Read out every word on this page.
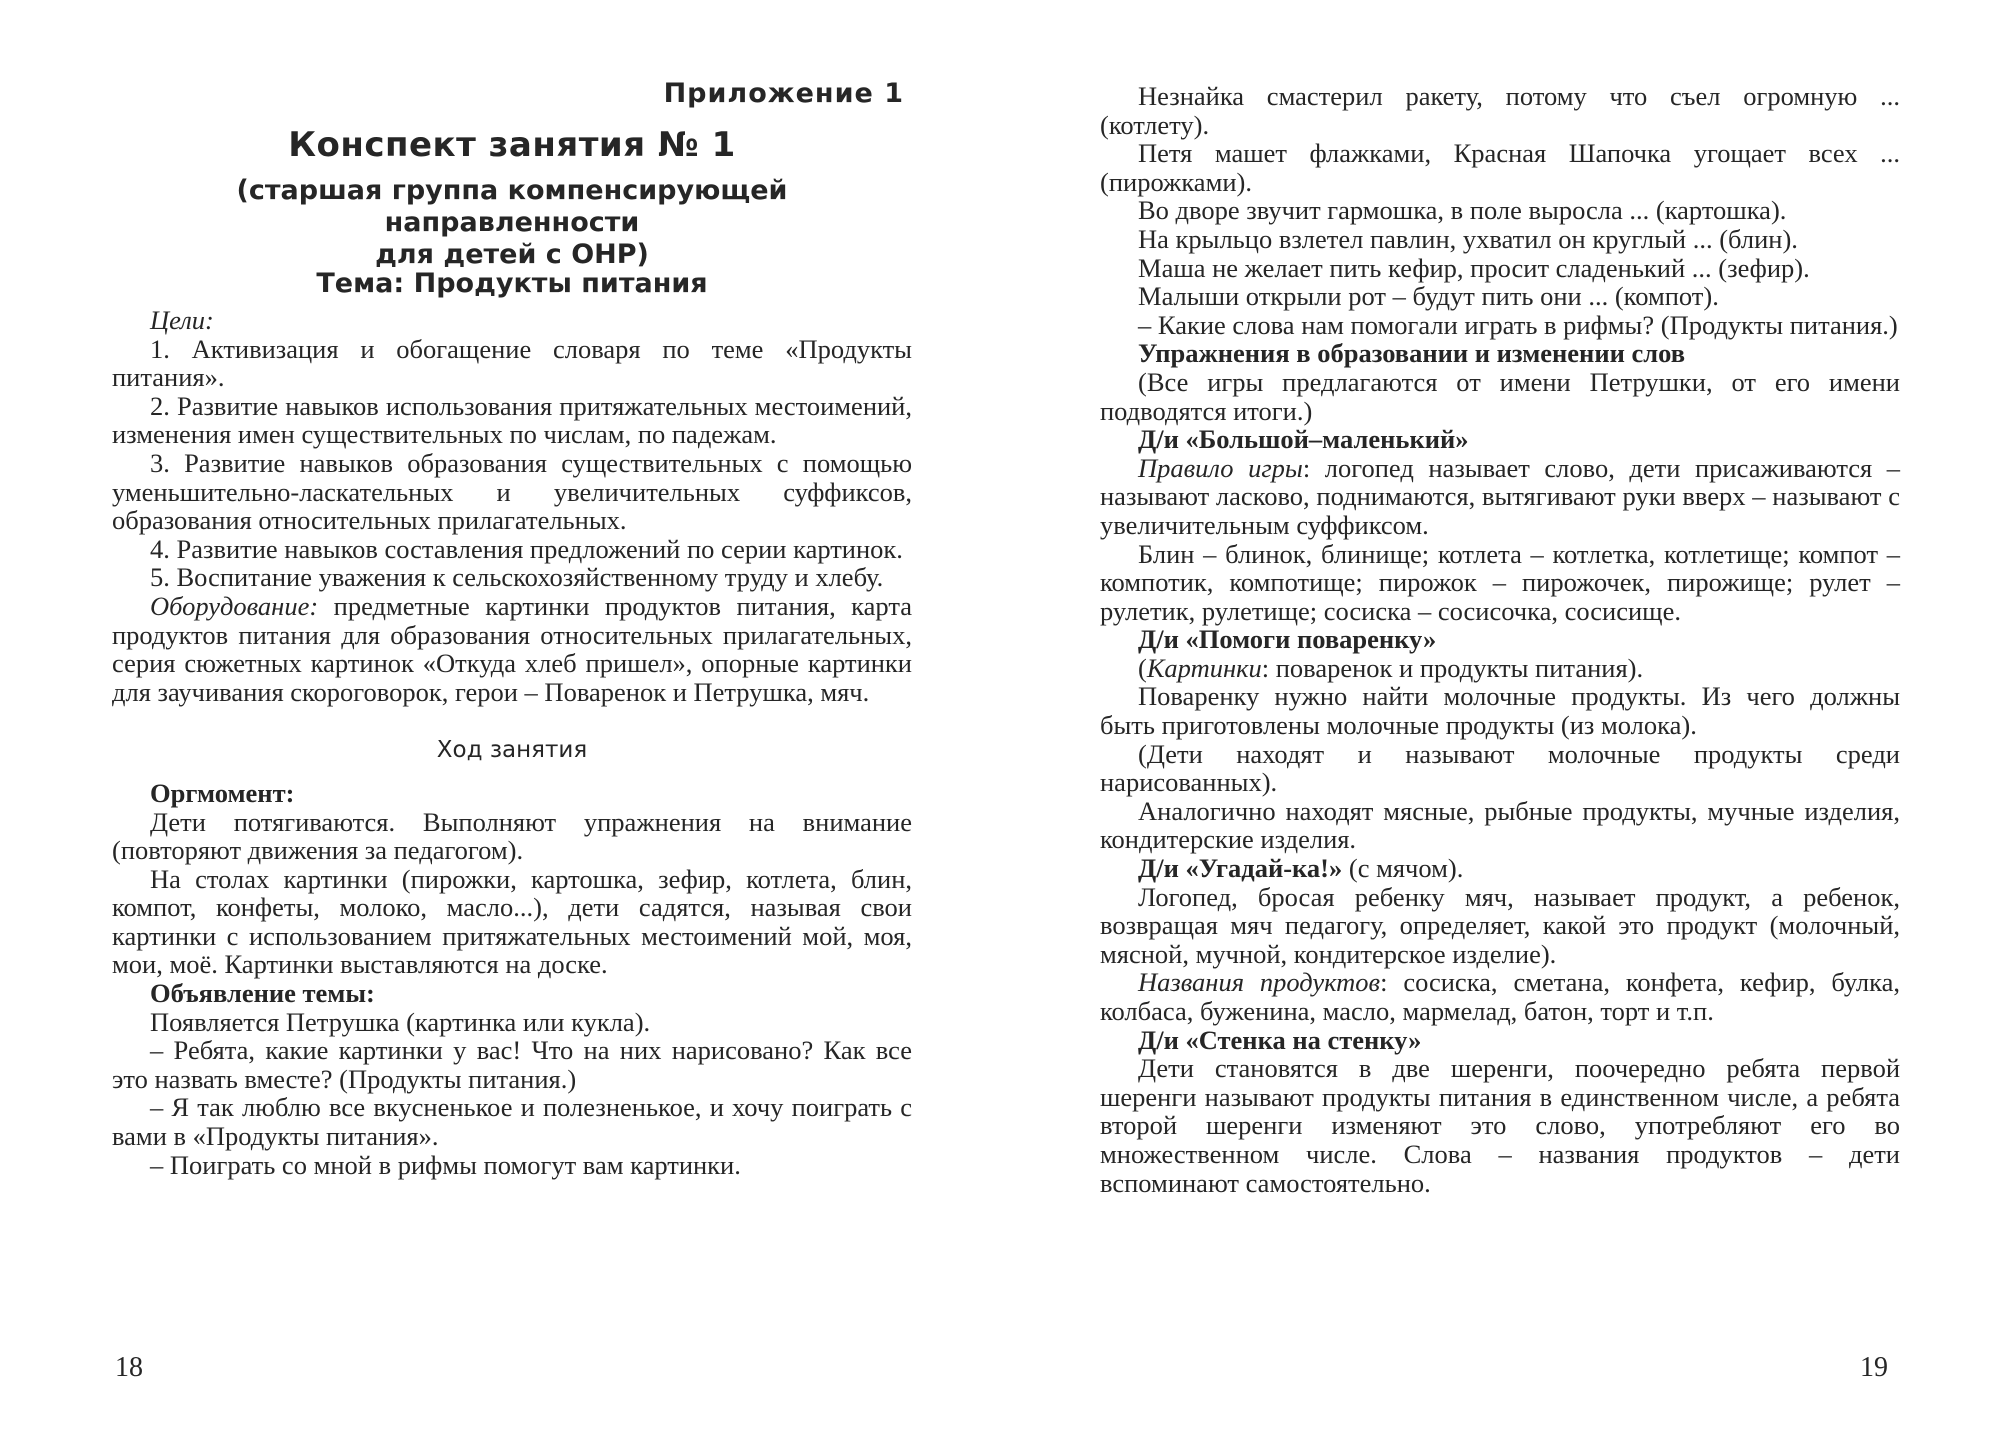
Приложение 1
Конспект занятия № 1
(старшая группа компенсирующей направленности
для детей с ОНР)
Тема: Продукты питания

Цели:

1. Активизация и обогащение словаря по теме «Продукты питания».

2. Развитие навыков использования притяжательных местоимений, изменения имен существительных по числам, по падежам.

3. Развитие навыков образования существительных с помощью уменьшительно-ласкательных и увеличительных суффиксов, образования относительных прилагательных.

4. Развитие навыков составления предложений по серии картинок.

5. Воспитание уважения к сельскохозяйственному труду и хлебу.

Оборудование: предметные картинки продуктов питания, карта продуктов питания для образования относительных прилагательных, серия сюжетных картинок «Откуда хлеб пришел», опорные картинки для заучивания скороговорок, герои – Поваренок и Петрушка, мяч.

Ход занятия

Оргмомент:

Дети потягиваются. Выполняют упражнения на внимание (повторяют движения за педагогом).

На столах картинки (пирожки, картошка, зефир, котлета, блин, компот, конфеты, молоко, масло...), дети садятся, называя свои картинки с использованием притяжательных местоимений мой, моя, мои, моё. Картинки выставляются на доске.

Объявление темы:

Появляется Петрушка (картинка или кукла).

– Ребята, какие картинки у вас! Что на них нарисовано? Как все это назвать вместе? (Продукты питания.)

– Я так люблю все вкусненькое и полезненькое, и хочу поиграть с вами в «Продукты питания».

– Поиграть со мной в рифмы помогут вам картинки.

18

Незнайка смастерил ракету, потому что съел огромную ... (котлету).

Петя машет флажками, Красная Шапочка угощает всех ... (пирожками).

Во дворе звучит гармошка, в поле выросла ... (картошка).

На крыльцо взлетел павлин, ухватил он круглый ... (блин).

Маша не желает пить кефир, просит сладенький ... (зефир).

Малыши открыли рот – будут пить они ... (компот).

– Какие слова нам помогали играть в рифмы? (Продукты питания.)

Упражнения в образовании и изменении слов

(Все игры предлагаются от имени Петрушки, от его имени подводятся итоги.)

Д/и «Большой–маленький»

Правило игры: логопед называет слово, дети присаживаются – называют ласково, поднимаются, вытягивают руки вверх – называют с увеличительным суффиксом.

Блин – блинок, блинище; котлета – котлетка, котлетище; компот – компотик, компотище; пирожок – пирожочек, пирожище; рулет – рулетик, рулетище; сосиска – сосисочка, сосисище.

Д/и «Помоги поваренку»

(Картинки: поваренок и продукты питания).

Поваренку нужно найти молочные продукты. Из чего должны быть приготовлены молочные продукты (из молока).

(Дети находят и называют молочные продукты среди нарисованных).

Аналогично находят мясные, рыбные продукты, мучные изделия, кондитерские изделия.

Д/и «Угадай-ка!» (с мячом).

Логопед, бросая ребенку мяч, называет продукт, а ребенок, возвращая мяч педагогу, определяет, какой это продукт (молочный, мясной, мучной, кондитерское изделие).

Названия продуктов: сосиска, сметана, конфета, кефир, булка, колбаса, буженина, масло, мармелад, батон, торт и т.п.

Д/и «Стенка на стенку»

Дети становятся в две шеренги, поочередно ребята первой шеренги называют продукты питания в единственном числе, а ребята второй шеренги изменяют это слово, употребляют его во множественном числе. Слова – названия продуктов – дети вспоминают самостоятельно.

19
